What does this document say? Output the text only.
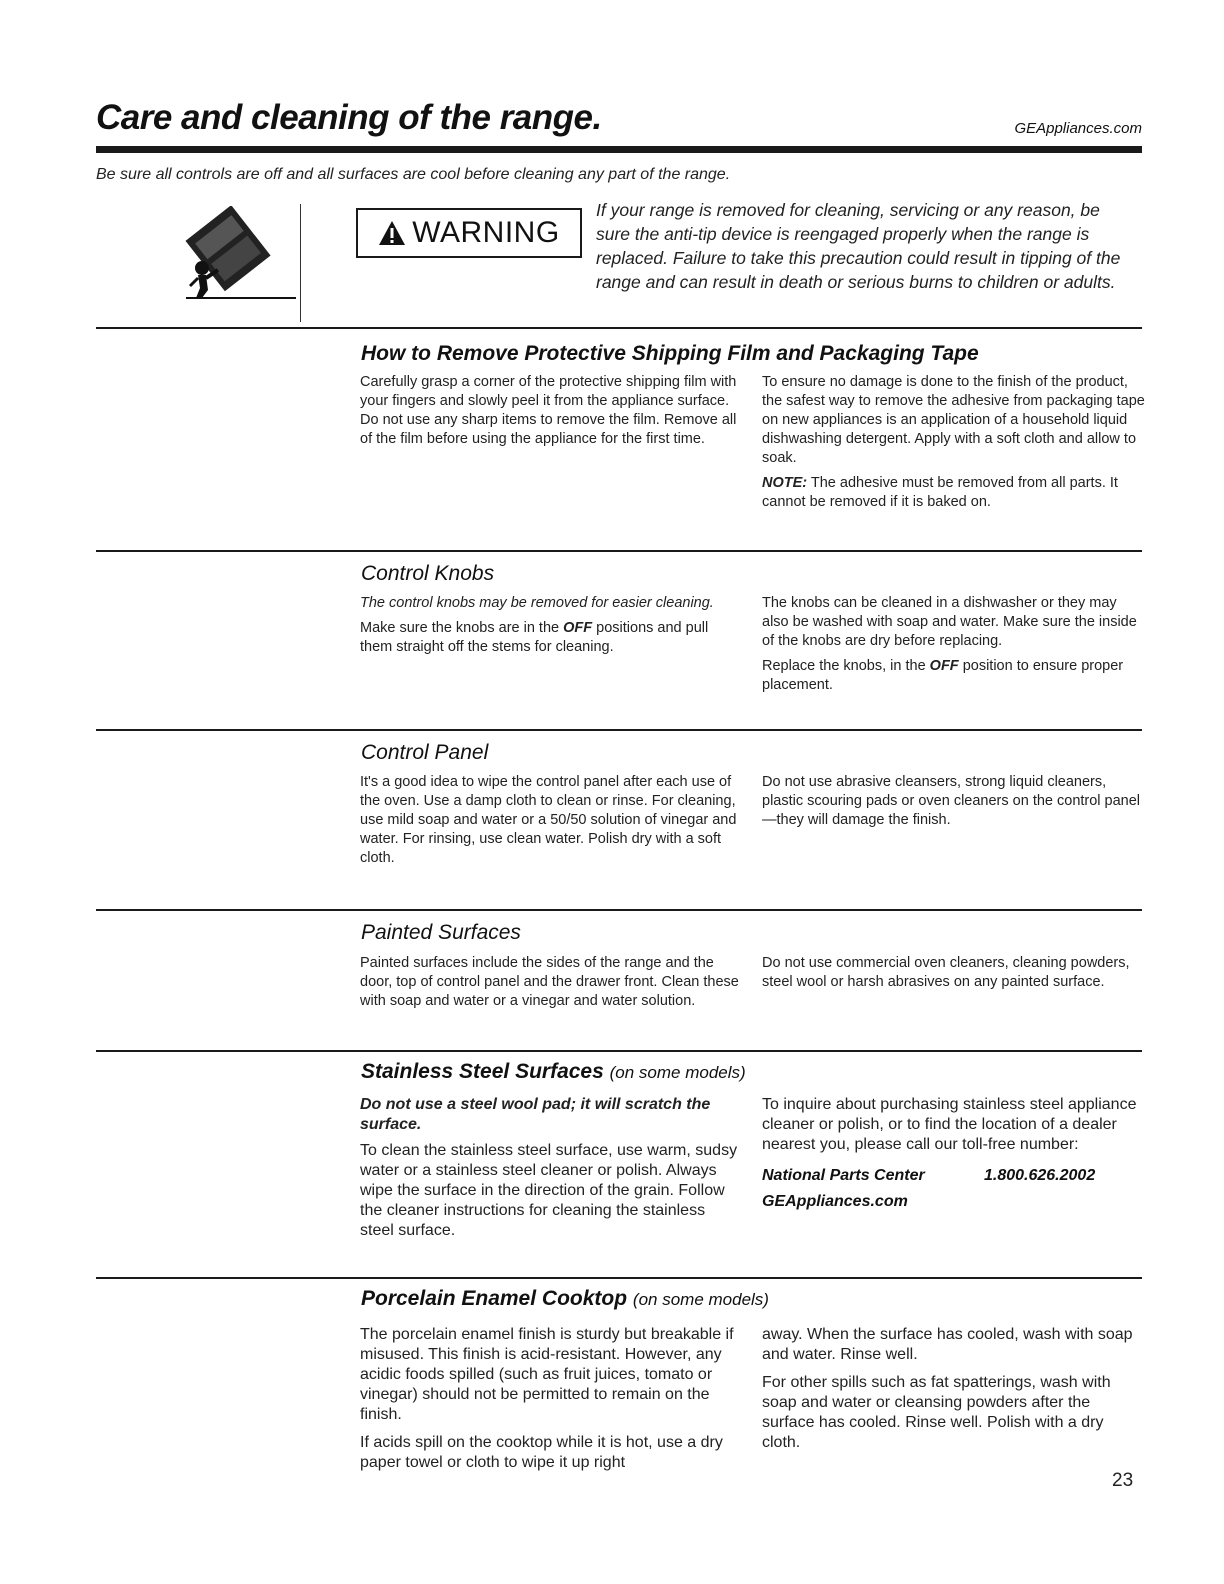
Care and cleaning of the range.	GEAppliances.com
Be sure all controls are off and all surfaces are cool before cleaning any part of the range.
WARNING
If your range is removed for cleaning, servicing or any reason, be sure the anti-tip device is reengaged properly when the range is replaced. Failure to take this precaution could result in tipping of the range and can result in death or serious burns to children or adults.
How to Remove Protective Shipping Film and Packaging Tape

Carefully grasp a corner of the protective shipping film with your fingers and slowly peel it from the appliance surface. Do not use any sharp items to remove the film. Remove all of the film before using the appliance for the first time.

To ensure no damage is done to the finish of the product, the safest way to remove the adhesive from packaging tape on new appliances is an application of a household liquid dishwashing detergent. Apply with a soft cloth and allow to soak.

NOTE: The adhesive must be removed from all parts. It cannot be removed if it is baked on.

Control Knobs

The control knobs may be removed for easier cleaning.

Make sure the knobs are in the OFF positions and pull them straight off the stems for cleaning.

The knobs can be cleaned in a dishwasher or they may also be washed with soap and water. Make sure the inside of the knobs are dry before replacing.

Replace the knobs, in the OFF position to ensure proper placement.

Control Panel

It's a good idea to wipe the control panel after each use of the oven. Use a damp cloth to clean or rinse. For cleaning, use mild soap and water or a 50/50 solution of vinegar and water. For rinsing, use clean water. Polish dry with a soft cloth.

Do not use abrasive cleansers, strong liquid cleaners, plastic scouring pads or oven cleaners on the control panel—they will damage the finish.

Painted Surfaces

Painted surfaces include the sides of the range and the door, top of control panel and the drawer front. Clean these with soap and water or a vinegar and water solution.

Do not use commercial oven cleaners, cleaning powders, steel wool or harsh abrasives on any painted surface.

Stainless Steel Surfaces (on some models)

Do not use a steel wool pad; it will scratch the surface.

To clean the stainless steel surface, use warm, sudsy water or a stainless steel cleaner or polish. Always wipe the surface in the direction of the grain. Follow the cleaner instructions for cleaning the stainless steel surface.

To inquire about purchasing stainless steel appliance cleaner or polish, or to find the location of a dealer nearest you, please call our toll-free number:

National Parts Center	1.800.626.2002
GEAppliances.com
Porcelain Enamel Cooktop (on some models)

The porcelain enamel finish is sturdy but breakable if misused. This finish is acid-resistant. However, any acidic foods spilled (such as fruit juices, tomato or vinegar) should not be permitted to remain on the finish.

If acids spill on the cooktop while it is hot, use a dry paper towel or cloth to wipe it up right

away. When the surface has cooled, wash with soap and water. Rinse well.

For other spills such as fat spatterings, wash with soap and water or cleansing powders after the surface has cooled. Rinse well. Polish with a dry cloth.

23
